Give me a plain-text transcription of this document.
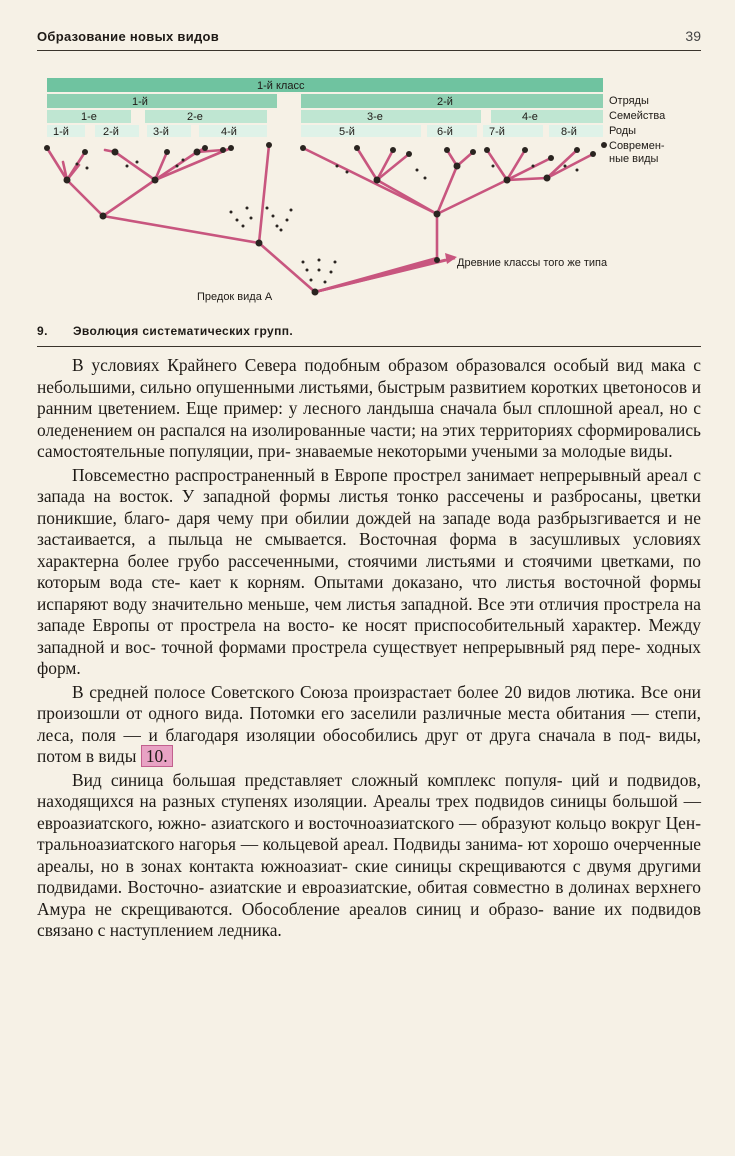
Образование новых видов	39
1-й класс
1-й	2-й
1-е	2-е	3-е	4-е
1-й	2-й	3-й	4-й	5-й	6-й	7-й	8-й
Отряды
Семейства
Роды
Современ-
ные виды
Древние классы того же типа
Предок вида А
9. Эволюция систематических групп.

В условиях Крайнего Севера подобным образом образовался особый вид мака с небольшими, сильно опушенными листьями, быстрым развитием коротких цветоносов и ранним цветением. Еще пример: у лесного ландыша сначала был сплошной ареал, но с оледенением он распался на изолированные части; на этих территориях сформировались самостоятельные популяции, при- знаваемые некоторыми учеными за молодые виды.

Повсеместно распространенный в Европе прострел занимает непрерывный ареал с запада на восток. У западной формы листья тонко рассечены и разбросаны, цветки поникшие, благо- даря чему при обилии дождей на западе вода разбрызгивается и не застаивается, а пыльца не смывается. Восточная форма в засушливых условиях характерна более грубо рассеченными, стоячими листьями и стоячими цветками, по которым вода сте- кает к корням. Опытами доказано, что листья восточной формы испаряют воду значительно меньше, чем листья западной. Все эти отличия прострела на западе Европы от прострела на восто- ке носят приспособительный характер. Между западной и вос- точной формами прострела существует непрерывный ряд пере- ходных форм.

В средней полосе Советского Союза произрастает более 20 видов лютика. Все они произошли от одного вида. Потомки его заселили различные места обитания — степи, леса, поля — и благодаря изоляции обособились друг от друга сначала в под- виды, потом в виды 10.

Вид синица большая представляет сложный комплекс популя- ций и подвидов, находящихся на разных ступенях изоляции. Ареалы трех подвидов синицы большой — евроазиатского, южно- азиатского и восточноазиатского — образуют кольцо вокруг Цен- тральноазиатского нагорья — кольцевой ареал. Подвиды занима- ют хорошо очерченные ареалы, но в зонах контакта южноазиат- ские синицы скрещиваются с двумя другими подвидами. Восточно- азиатские и евроазиатские, обитая совместно в долинах верхнего Амура не скрещиваются. Обособление ареалов синиц и образо- вание их подвидов связано с наступлением ледника.
